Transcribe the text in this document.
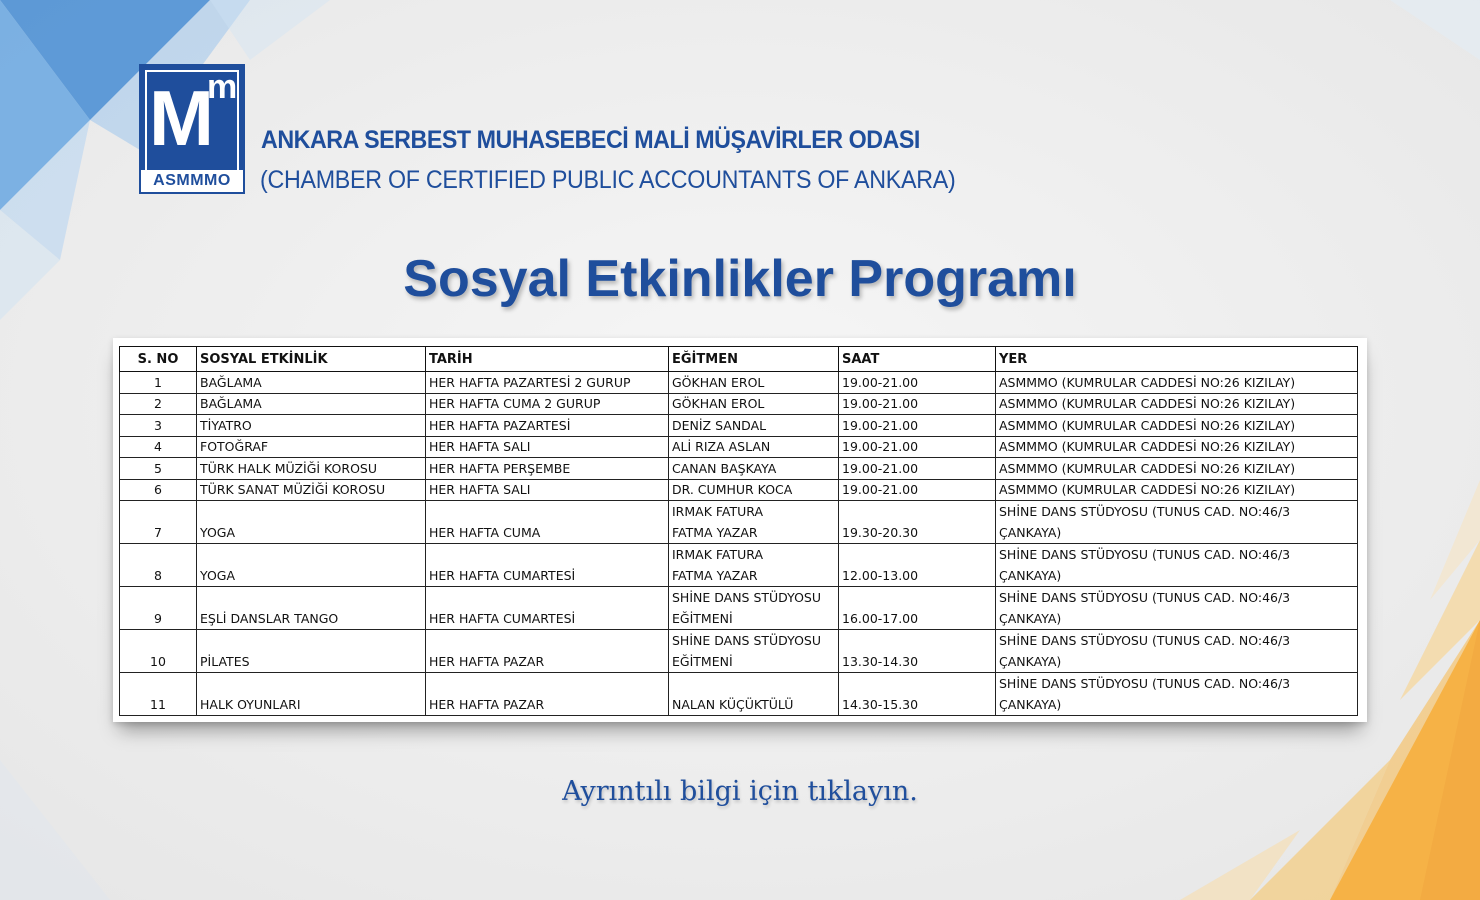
M
m
ASMMMO
ANKARA SERBEST MUHASEBECİ MALİ MÜŞAVİRLER ODASI
(CHAMBER OF CERTIFIED PUBLIC ACCOUNTANTS OF ANKARA)
Sosyal Etkinlikler Programı
S. NO	SOSYAL ETKİNLİK	TARİH	EĞİTMEN	SAAT	YER
1	BAĞLAMA	HER HAFTA PAZARTESİ 2 GURUP	GÖKHAN EROL	19.00-21.00	ASMMMO (KUMRULAR CADDESİ NO:26 KIZILAY)
2	BAĞLAMA	HER HAFTA CUMA 2 GURUP	GÖKHAN EROL	19.00-21.00	ASMMMO (KUMRULAR CADDESİ NO:26 KIZILAY)
3	TİYATRO	HER HAFTA PAZARTESİ	DENİZ SANDAL	19.00-21.00	ASMMMO (KUMRULAR CADDESİ NO:26 KIZILAY)
4	FOTOĞRAF	HER HAFTA SALI	ALİ RIZA ASLAN	19.00-21.00	ASMMMO (KUMRULAR CADDESİ NO:26 KIZILAY)
5	TÜRK HALK MÜZİĞİ KOROSU	HER HAFTA PERŞEMBE	CANAN BAŞKAYA	19.00-21.00	ASMMMO (KUMRULAR CADDESİ NO:26 KIZILAY)
6	TÜRK SANAT MÜZİĞİ KOROSU	HER HAFTA SALI	DR. CUMHUR KOCA	19.00-21.00	ASMMMO (KUMRULAR CADDESİ NO:26 KIZILAY)
7	YOGA	HER HAFTA CUMA	IRMAK FATURA
FATMA YAZAR	19.30-20.30	SHİNE DANS STÜDYOSU (TUNUS CAD. NO:46/3
ÇANKAYA)

8	YOGA	HER HAFTA CUMARTESİ	IRMAK FATURA
FATMA YAZAR	12.00-13.00	SHİNE DANS STÜDYOSU (TUNUS CAD. NO:46/3
ÇANKAYA)

9	EŞLİ DANSLAR TANGO	HER HAFTA CUMARTESİ	SHİNE DANS STÜDYOSU
EĞİTMENİ	16.00-17.00	SHİNE DANS STÜDYOSU (TUNUS CAD. NO:46/3
ÇANKAYA)

10	PİLATES	HER HAFTA PAZAR	SHİNE DANS STÜDYOSU
EĞİTMENİ	13.30-14.30	SHİNE DANS STÜDYOSU (TUNUS CAD. NO:46/3
ÇANKAYA)

11	HALK OYUNLARI	HER HAFTA PAZAR	NALAN KÜÇÜKTÜLÜ	14.30-15.30	SHİNE DANS STÜDYOSU (TUNUS CAD. NO:46/3
ÇANKAYA)
Ayrıntılı bilgi için tıklayın.
